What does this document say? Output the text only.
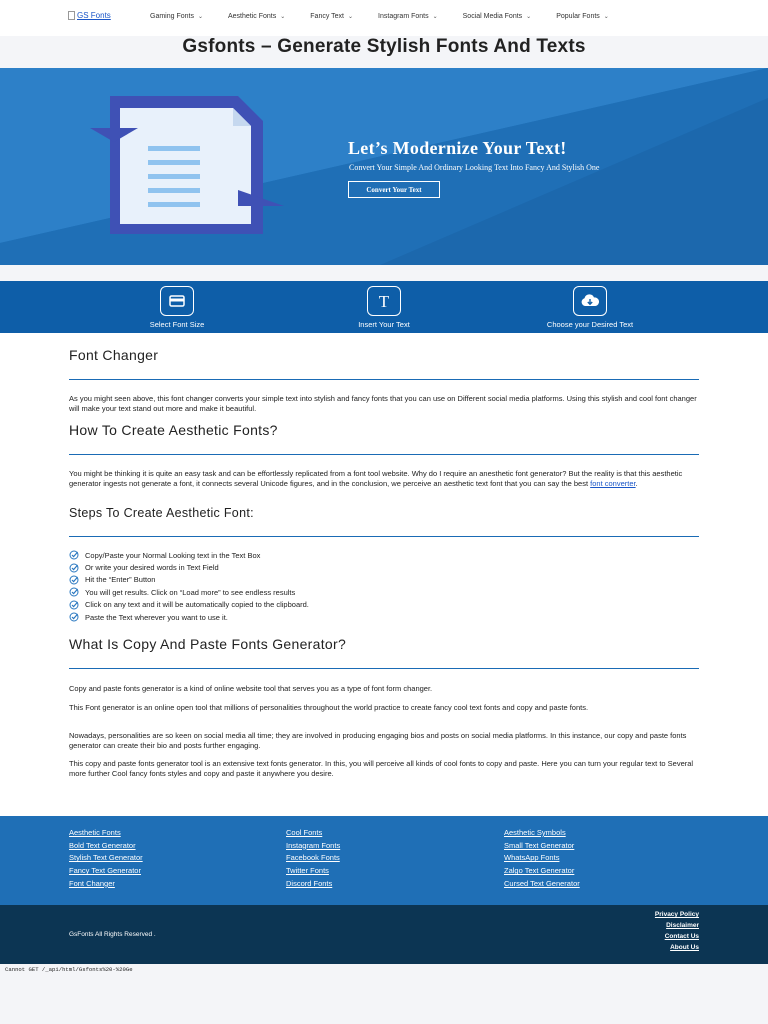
GS Fonts	Gaming Fonts ⌄	Aesthetic Fonts ⌄	Fancy Text ⌄	Instagram Fonts ⌄	Social Media Fonts ⌄	Popular Fonts ⌄
Gsfonts – Generate Stylish Fonts And Texts
Let’s Modernize Your Text!
Convert Your Simple And Ordinary Looking Text Into Fancy And Stylish One
Convert Your Text
Select Font Size
T
Insert Your Text	Choose your Desired Text
Font Changer
As you might seen above, this font changer converts your simple text into stylish and fancy fonts that you can use on Different social media platforms. Using this stylish and cool font changer will make your text stand out more and make it beautiful.
How To Create Aesthetic Fonts?
You might be thinking it is quite an easy task and can be effortlessly replicated from a font tool website. Why do I require an anesthetic font generator? But the reality is that this aesthetic generator ingests not generate a font, it connects several Unicode figures, and in the conclusion, we perceive an aesthetic text font that you can say the best font converter.
Steps To Create Aesthetic Font:
Copy/Paste your Normal Looking text in the Text Box
Or write your desired words in Text Field
Hit the “Enter” Button
You will get results. Click on “Load more” to see endless results
Click on any text and it will be automatically copied to the clipboard.
Paste the Text wherever you want to use it.
What Is Copy And Paste Fonts Generator?
Copy and paste fonts generator is a kind of online website tool that serves you as a type of font form changer.
This Font generator is an online open tool that millions of personalities throughout the world practice to create fancy cool text fonts and copy and paste fonts.
Nowadays, personalities are so keen on social media all time; they are involved in producing engaging bios and posts on social media platforms. In this instance, our copy and paste fonts generator can create their bio and posts further engaging.
This copy and paste fonts generator tool is an extensive text fonts generator. In this, you will perceive all kinds of cool fonts to copy and paste. Here you can turn your regular text to Several more further Cool fancy fonts styles and copy and paste it anywhere you desire.
Aesthetic Fonts
Bold Text Generator
Stylish Text Generator
Fancy Text Generator
Font Changer
Cool Fonts
Instagram Fonts
Facebook Fonts
Twitter Fonts
Discord Fonts
Aesthetic Symbols
Small Text Generator
WhatsApp Fonts
Zalgo Text Generator
Cursed Text Generator
GsFonts All Rights Reserved .
Privacy Policy
Disclaimer
Contact Us
About Us
Cannot GET /_api/html/Gsfonts%20-%20Ge
